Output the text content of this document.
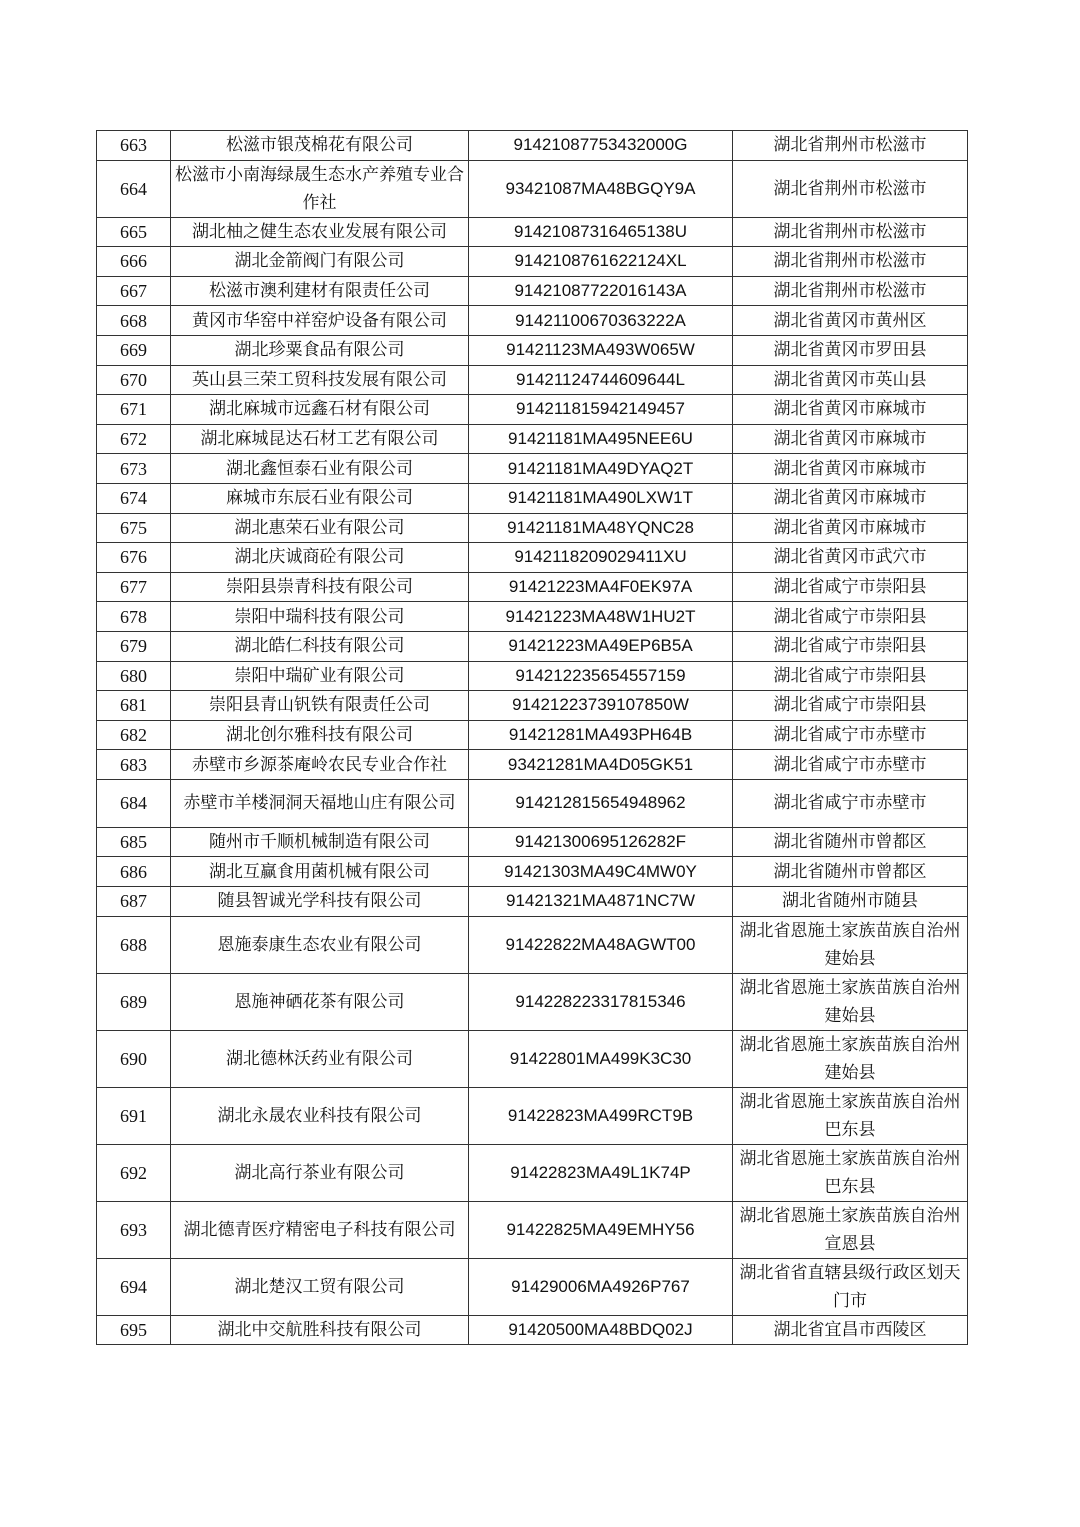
663	松滋市银茂棉花有限公司	91421087753432000G	湖北省荆州市松滋市
664	松滋市小南海绿晟生态水产养殖专业合作社	93421087MA48BGQY9A	湖北省荆州市松滋市
665	湖北柚之健生态农业发展有限公司	91421087316465138U	湖北省荆州市松滋市
666	湖北金箭阀门有限公司	9142108761622124XL	湖北省荆州市松滋市
667	松滋市澳利建材有限责任公司	91421087722016143A	湖北省荆州市松滋市
668	黄冈市华窑中祥窑炉设备有限公司	91421100670363222A	湖北省黄冈市黄州区
669	湖北珍粟食品有限公司	91421123MA493W065W	湖北省黄冈市罗田县
670	英山县三荣工贸科技发展有限公司	91421124744609644L	湖北省黄冈市英山县
671	湖北麻城市远鑫石材有限公司	914211815942149457	湖北省黄冈市麻城市
672	湖北麻城昆达石材工艺有限公司	91421181MA495NEE6U	湖北省黄冈市麻城市
673	湖北鑫恒泰石业有限公司	91421181MA49DYAQ2T	湖北省黄冈市麻城市
674	麻城市东辰石业有限公司	91421181MA490LXW1T	湖北省黄冈市麻城市
675	湖北惠荣石业有限公司	91421181MA48YQNC28	湖北省黄冈市麻城市
676	湖北庆诚商砼有限公司	9142118209029411XU	湖北省黄冈市武穴市
677	崇阳县崇青科技有限公司	91421223MA4F0EK97A	湖北省咸宁市崇阳县
678	崇阳中瑞科技有限公司	91421223MA48W1HU2T	湖北省咸宁市崇阳县
679	湖北皓仁科技有限公司	91421223MA49EP6B5A	湖北省咸宁市崇阳县
680	崇阳中瑞矿业有限公司	914212235654557159	湖北省咸宁市崇阳县
681	崇阳县青山钒铁有限责任公司	91421223739107850W	湖北省咸宁市崇阳县
682	湖北创尔雅科技有限公司	91421281MA493PH64B	湖北省咸宁市赤壁市
683	赤壁市乡源茶庵岭农民专业合作社	93421281MA4D05GK51	湖北省咸宁市赤壁市
684	赤壁市羊楼洞洞天福地山庄有限公司	914212815654948962	湖北省咸宁市赤壁市
685	随州市千顺机械制造有限公司	91421300695126282F	湖北省随州市曾都区
686	湖北互赢食用菌机械有限公司	91421303MA49C4MW0Y	湖北省随州市曾都区
687	随县智诚光学科技有限公司	91421321MA4871NC7W	湖北省随州市随县
688	恩施泰康生态农业有限公司	91422822MA48AGWT00	湖北省恩施土家族苗族自治州建始县
689	恩施神硒花茶有限公司	914228223317815346	湖北省恩施土家族苗族自治州建始县
690	湖北德林沃药业有限公司	91422801MA499K3C30	湖北省恩施土家族苗族自治州建始县
691	湖北永晟农业科技有限公司	91422823MA499RCT9B	湖北省恩施土家族苗族自治州巴东县
692	湖北高行茶业有限公司	91422823MA49L1K74P	湖北省恩施土家族苗族自治州巴东县
693	湖北德青医疗精密电子科技有限公司	91422825MA49EMHY56	湖北省恩施土家族苗族自治州宣恩县
694	湖北楚汉工贸有限公司	91429006MA4926P767	湖北省省直辖县级行政区划天门市
695	湖北中交航胜科技有限公司	91420500MA48BDQ02J	湖北省宜昌市西陵区
